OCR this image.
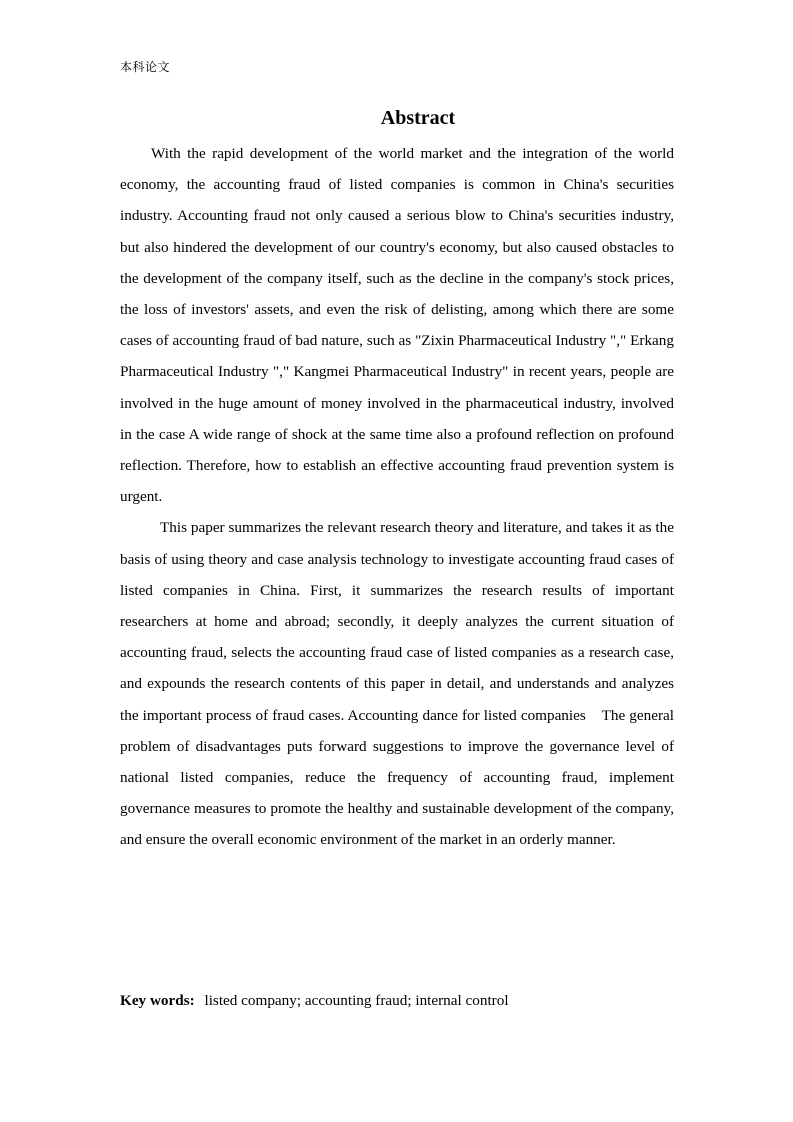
本科论文
Abstract

With the rapid development of the world market and the integration of the world economy, the accounting fraud of listed companies is common in China's securities industry. Accounting fraud not only caused a serious blow to China's securities industry, but also hindered the development of our country's economy, but also caused obstacles to the development of the company itself, such as the decline in the company's stock prices, the loss of investors' assets, and even the risk of delisting, among which there are some cases of accounting fraud of bad nature, such as "Zixin Pharmaceutical Industry "," Erkang Pharmaceutical Industry "," Kangmei Pharmaceutical Industry" in recent years, people are involved in the huge amount of money involved in the pharmaceutical industry, involved in the case A wide range of shock at the same time also a profound reflection on profound reflection. Therefore, how to establish an effective accounting fraud prevention system is urgent.

This paper summarizes the relevant research theory and literature, and takes it as the basis of using theory and case analysis technology to investigate accounting fraud cases of listed companies in China. First, it summarizes the research results of important researchers at home and abroad; secondly, it deeply analyzes the current situation of accounting fraud, selects the accounting fraud case of listed companies as a research case, and expounds the research contents of this paper in detail, and understands and analyzes the important process of fraud cases. Accounting dance for listed companies　The general problem of disadvantages puts forward suggestions to improve the governance level of national listed companies, reduce the frequency of accounting fraud, implement governance measures to promote the healthy and sustainable development of the company, and ensure the overall economic environment of the market in an orderly manner.

Key words: listed company; accounting fraud; internal control
